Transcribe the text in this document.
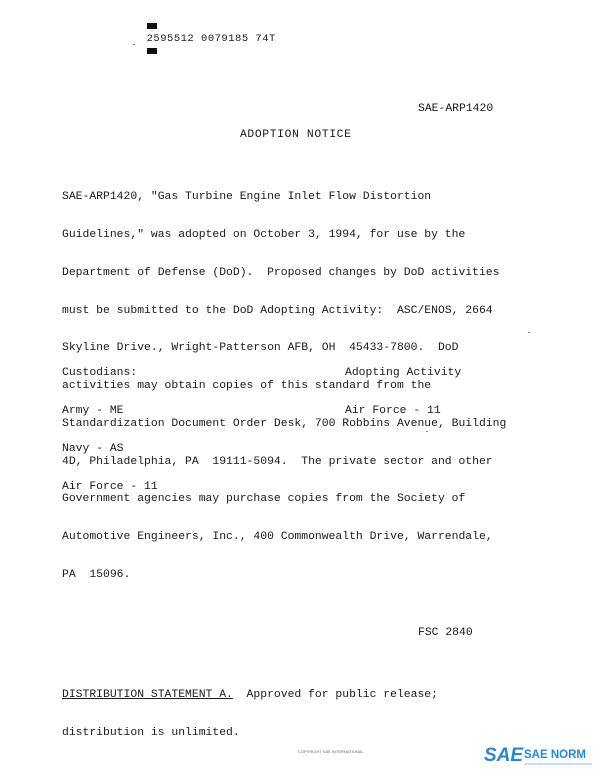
2595512 0079185 74T

SAE-ARP1420
ADOPTION NOTICE

SAE-ARP1420, "Gas Turbine Engine Inlet Flow Distortion

Guidelines," was adopted on October 3, 1994, for use by the

Department of Defense (DoD).  Proposed changes by DoD activities

must be submitted to the DoD Adopting Activity:  ASC/ENOS, 2664

Skyline Drive., Wright-Patterson AFB, OH  45433-7800.  DoD

activities may obtain copies of this standard from the

Standardization Document Order Desk, 700 Robbins Avenue, Building

4D, Philadelphia, PA  19111-5094.  The private sector and other

Government agencies may purchase copies from the Society of

Automotive Engineers, Inc., 400 Commonwealth Drive, Warrendale,

PA  15096.

Custodians:

Army - ME

Navy - AS

Air Force - 11

Adopting Activity

Air Force - 11

FSC 2840

DISTRIBUTION STATEMENT A.  Approved for public release;

distribution is unlimited.

COPYRIGHT SAE INTERNATIONAL	SAE SAE NORM
